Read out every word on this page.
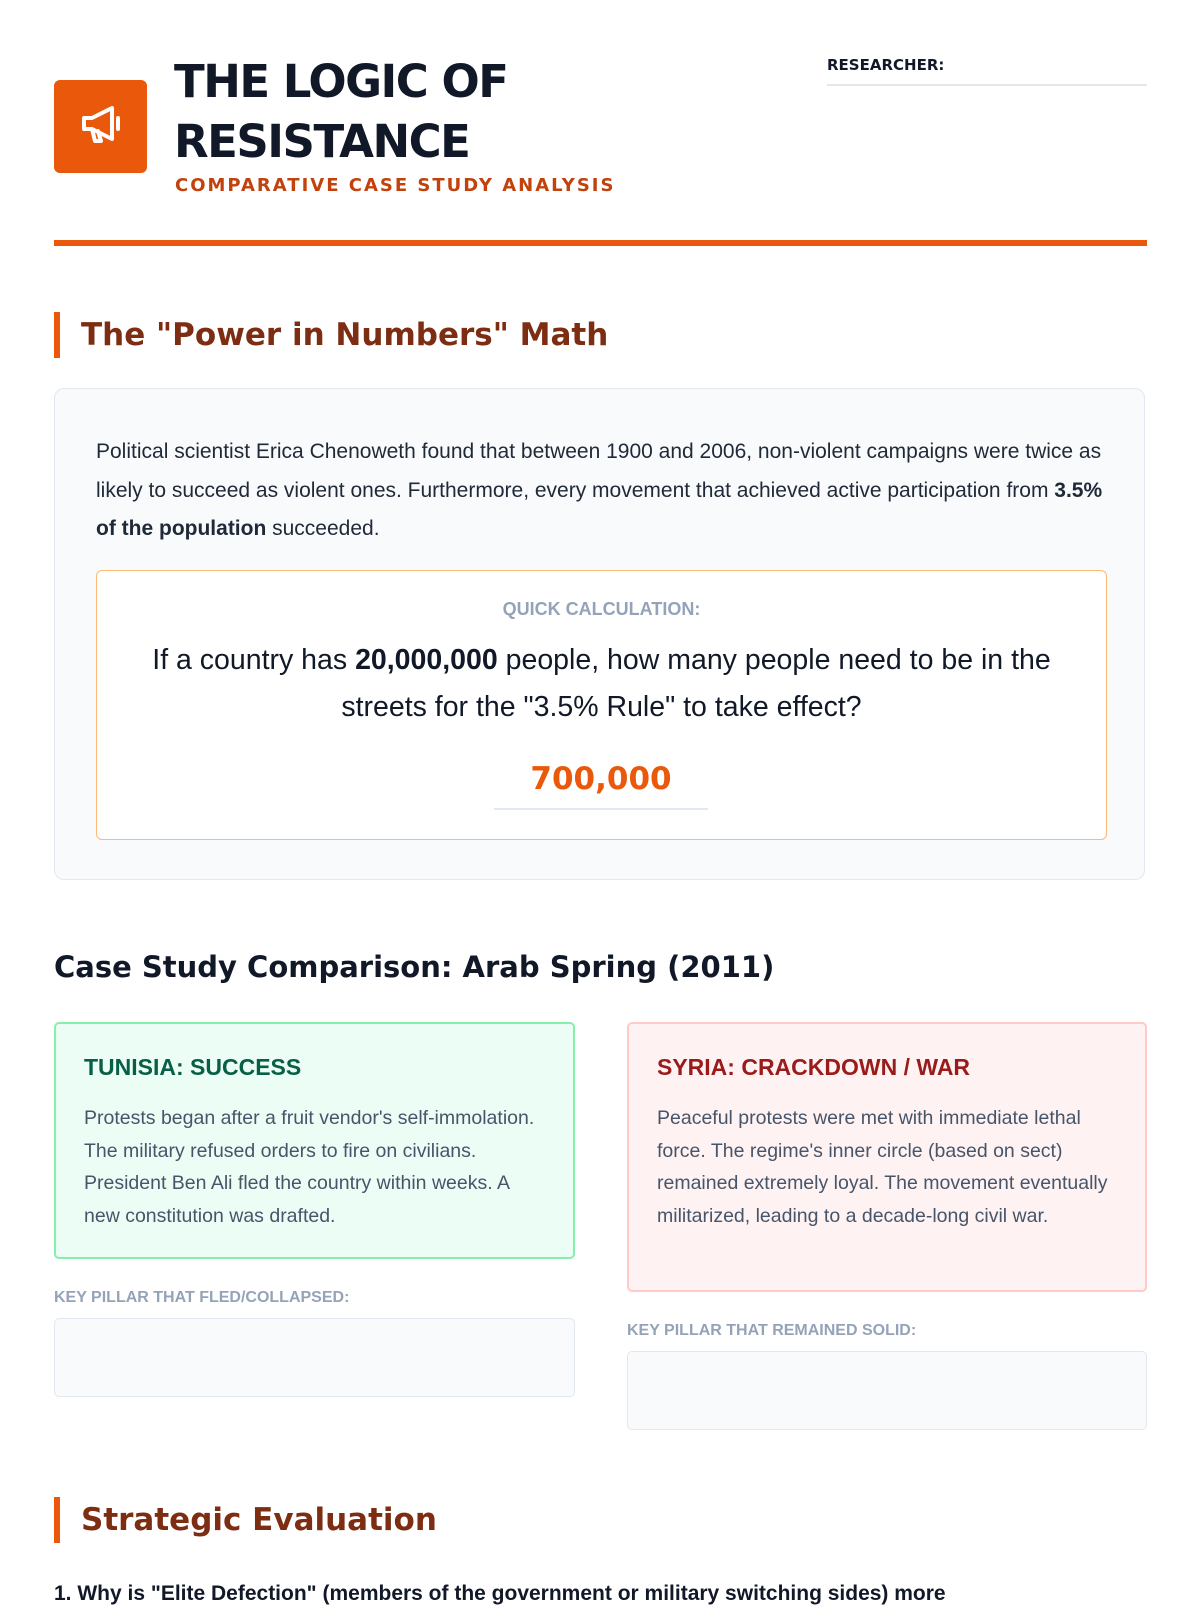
THE LOGIC OF RESISTANCE
COMPARATIVE CASE STUDY ANALYSIS
RESEARCHER:
The "Power in Numbers" Math

Political scientist Erica Chenoweth found that between 1900 and 2006, non-violent campaigns were twice as likely to succeed as violent ones. Furthermore, every movement that achieved active participation from 3.5% of the population succeeded.

QUICK CALCULATION:

If a country has 20,000,000 people, how many people need to be in the streets for the "3.5% Rule" to take effect?

700,000
Case Study Comparison: Arab Spring (2011)
TUNISIA: SUCCESS

Protests began after a fruit vendor's self-immolation. The military refused orders to fire on civilians. President Ben Ali fled the country within weeks. A new constitution was drafted.

KEY PILLAR THAT FLED/COLLAPSED:
SYRIA: CRACKDOWN / WAR

Peaceful protests were met with immediate lethal force. The regime's inner circle (based on sect) remained extremely loyal. The movement eventually militarized, leading to a decade-long civil war.

KEY PILLAR THAT REMAINED SOLID:
Strategic Evaluation

1. Why is "Elite Defection" (members of the government or military switching sides) more
